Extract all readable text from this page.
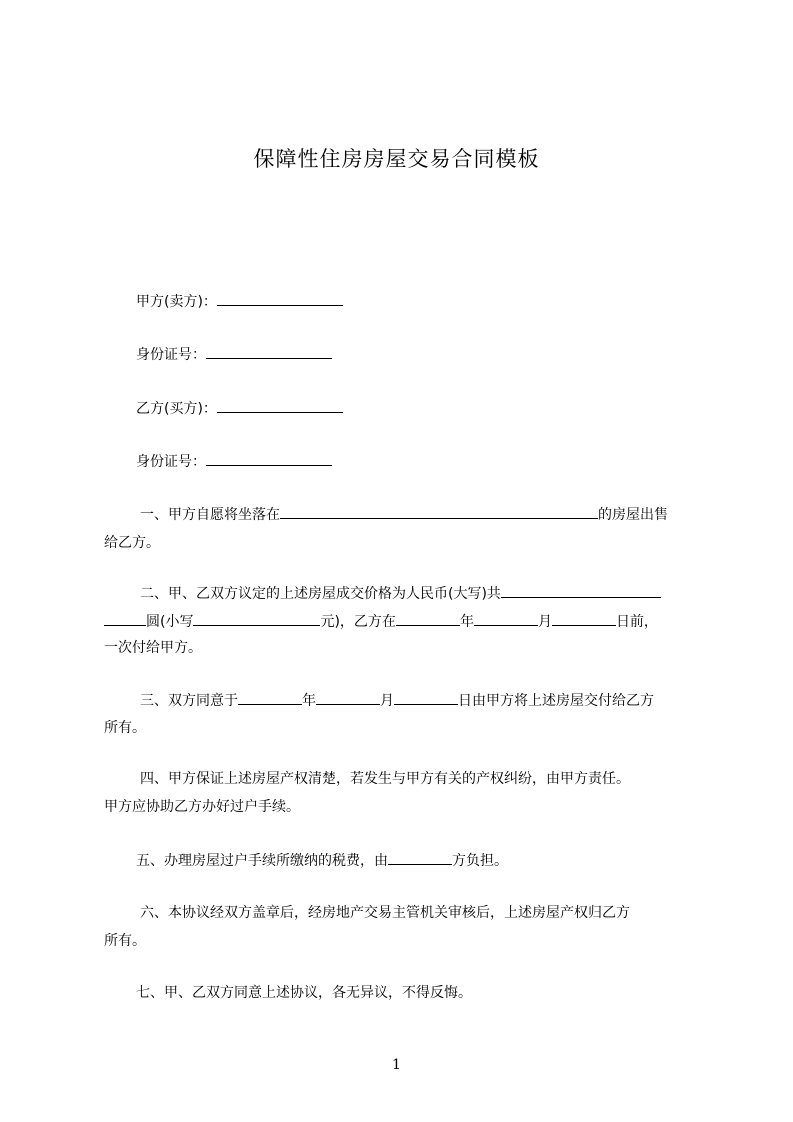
保障性住房房屋交易合同模板
甲方(卖方)：
身份证号：
乙方(买方)：
身份证号：
一、甲方自愿将坐落在	的房屋出售
给乙方。
二、甲、乙双方议定的上述房屋成交价格为人民币(大写)共
圆(小写	元)，乙方在	年	月	日前，
一次付给甲方。
三、双方同意于	年	月	日由甲方将上述房屋交付给乙方
所有。
四、甲方保证上述房屋产权清楚，若发生与甲方有关的产权纠纷，由甲方责任。
甲方应协助乙方办好过户手续。
五、办理房屋过户手续所缴纳的税费，由	方负担。
六、本协议经双方盖章后，经房地产交易主管机关审核后，上述房屋产权归乙方
所有。
七、甲、乙双方同意上述协议，各无异议，不得反悔。
1
